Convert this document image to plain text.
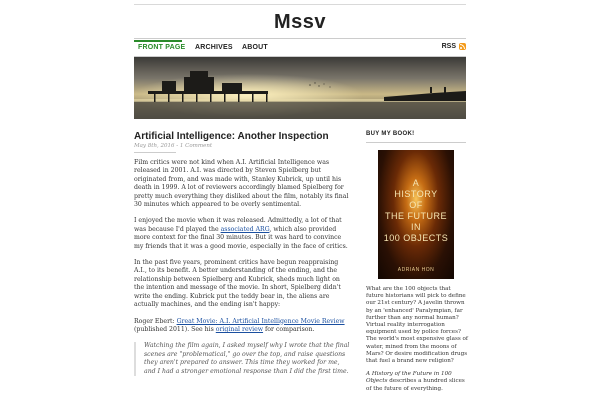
Mssv
FRONT PAGE ARCHIVES ABOUT	RSS
Artificial Intelligence: Another Inspection
May 8th, 2016 - 1 Comment

Film critics were not kind when A.I. Artificial Intelligence was released in 2001. A.I. was directed by Steven Spielberg but originated from, and was made with, Stanley Kubrick, up until his death in 1999. A lot of reviewers accordingly blamed Spielberg for pretty much everything they disliked about the film, notably its final 30 minutes which appeared to be overly sentimental.

I enjoyed the movie when it was released. Admittedly, a lot of that was because I'd played the associated ARG, which also provided more context for the final 30 minutes. But it was hard to convince my friends that it was a good movie, especially in the face of critics.

In the past five years, prominent critics have begun reappraising A.I., to its benefit. A better understanding of the ending, and the relationship between Spielberg and Kubrick, sheds much light on the intention and message of the movie. In short, Spielberg didn't write the ending. Kubrick put the teddy bear in, the aliens are actually machines, and the ending isn't happy:

Roger Ebert: Great Movie: A.I. Artificial Intelligence Movie Review (published 2011). See his original review for comparison.

Watching the film again, I asked myself why I wrote that the final scenes are "problematical," go over the top, and raise questions they aren't prepared to answer. This time they worked for me, and I had a stronger emotional response than I did the first time.

BUY MY BOOK!
A
HISTORY
OF
THE FUTURE
IN
100 OBJECTS
ADRIAN HON

What are the 100 objects that future historians will pick to define our 21st century? A javelin thrown by an 'enhanced' Paralympian, far further than any normal human? Virtual reality interrogation equipment used by police forces? The world's most expensive glass of water, mined from the moons of Mars? Or desire modification drugs that fuel a brand new religion?

A History of the Future in 100 Objects describes a hundred slices of the future of everything.
